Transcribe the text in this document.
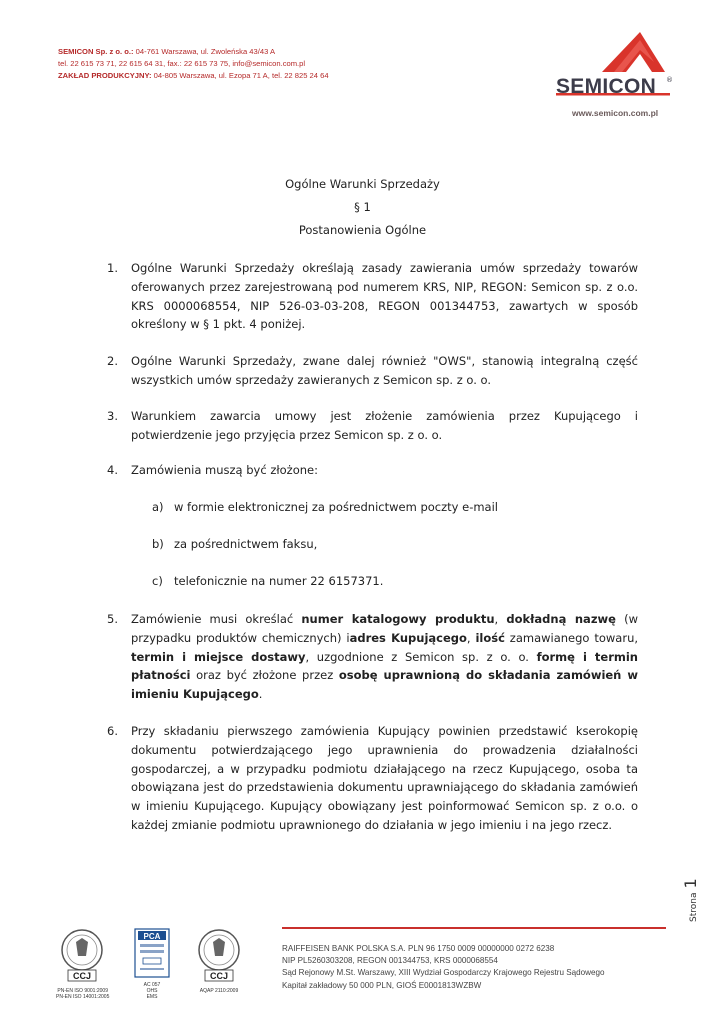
SEMICON Sp. z o. o.: 04-761 Warszawa, ul. Zwoleńska 43/43 A
tel. 22 615 73 71, 22 615 64 31, fax.: 22 615 73 75, info@semicon.com.pl
ZAKŁAD PRODUKCYJNY: 04-805 Warszawa, ul. Ezopa 71 A, tel. 22 825 24 64	SEMICON ®
www.semicon.com.pl
Ogólne Warunki Sprzedaży
§ 1
Postanowienia Ogólne
1.	Ogólne Warunki Sprzedaży określają zasady zawierania umów sprzedaży towarów oferowanych przez zarejestrowaną pod numerem KRS, NIP, REGON: Semicon sp. z o.o. KRS 0000068554, NIP 526-03-03-208, REGON 001344753, zawartych w sposób określony w § 1 pkt. 4 poniżej.
2.	Ogólne Warunki Sprzedaży, zwane dalej również "OWS", stanowią integralną część wszystkich umów sprzedaży zawieranych z Semicon sp. z o. o.
3.	Warunkiem zawarcia umowy jest złożenie zamówienia przez Kupującego i potwierdzenie jego przyjęcia przez Semicon sp. z o. o.
4.	Zamówienia muszą być złożone:
a) w formie elektronicznej za pośrednictwem poczty e-mail
b) za pośrednictwem faksu,
c) telefonicznie na numer 22 6157371.
5.	Zamówienie musi określać numer katalogowy produktu, dokładną nazwę (w przypadku produktów chemicznych) iadres Kupującego, ilość zamawianego towaru, termin i miejsce dostawy, uzgodnione z Semicon sp. z o. o. formę i termin płatności oraz być złożone przez osobę uprawnioną do składania zamówień w imieniu Kupującego.
6.	Przy składaniu pierwszego zamówienia Kupujący powinien przedstawić kserokopię dokumentu potwierdzającego jego uprawnienia do prowadzenia działalności gospodarczej, a w przypadku podmiotu działającego na rzecz Kupującego, osoba ta obowiązana jest do przedstawienia dokumentu uprawniającego do składania zamówień w imieniu Kupującego. Kupujący obowiązany jest poinformować Semicon sp. z o.o. o każdej zmianie podmiotu uprawnionego do działania w jego imieniu i na jego rzecz.
Strona1
RAIFFEISEN BANK POLSKA S.A. PLN 96 1750 0009 00000000 0272 6238
NIP PL5260303208, REGON 001344753, KRS 0000068554
Sąd Rejonowy M.St. Warszawy, XIII Wydział Gospodarczy Krajowego Rejestru Sądowego
Kapitał zakładowy 50 000 PLN, GIOŚ E0001813WZBW
CCJ
PN-EN ISO 9001:2009
PN-EN ISO 14001:2005
PCA
AC 057
OHS
EMS
CCJ
AQAP 2110:2009
